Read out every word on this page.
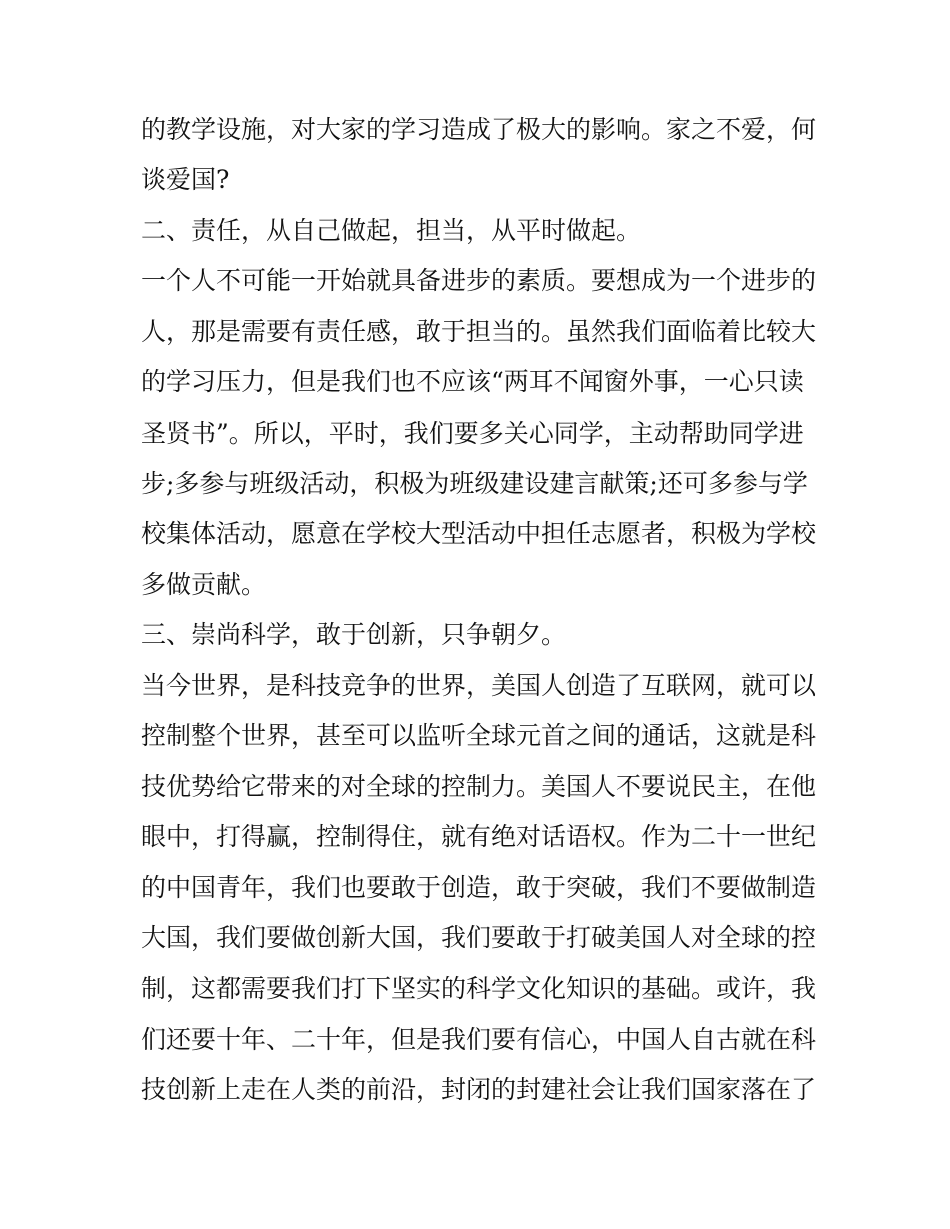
的教学设施，对大家的学习造成了极大的影响。家之不爱，何
谈爱国?
二、责任，从自己做起，担当，从平时做起。
一个人不可能一开始就具备进步的素质。要想成为一个进步的
人，那是需要有责任感，敢于担当的。虽然我们面临着比较大
的学习压力，但是我们也不应该“两耳不闻窗外事，一心只读
圣贤书”。所以，平时，我们要多关心同学，主动帮助同学进
步;多参与班级活动，积极为班级建设建言献策;还可多参与学
校集体活动，愿意在学校大型活动中担任志愿者，积极为学校
多做贡献。
三、崇尚科学，敢于创新，只争朝夕。
当今世界，是科技竞争的世界，美国人创造了互联网，就可以
控制整个世界，甚至可以监听全球元首之间的通话，这就是科
技优势给它带来的对全球的控制力。美国人不要说民主，在他
眼中，打得赢，控制得住，就有绝对话语权。作为二十一世纪
的中国青年，我们也要敢于创造，敢于突破，我们不要做制造
大国，我们要做创新大国，我们要敢于打破美国人对全球的控
制，这都需要我们打下坚实的科学文化知识的基础。或许，我
们还要十年、二十年，但是我们要有信心，中国人自古就在科
技创新上走在人类的前沿，封闭的封建社会让我们国家落在了
